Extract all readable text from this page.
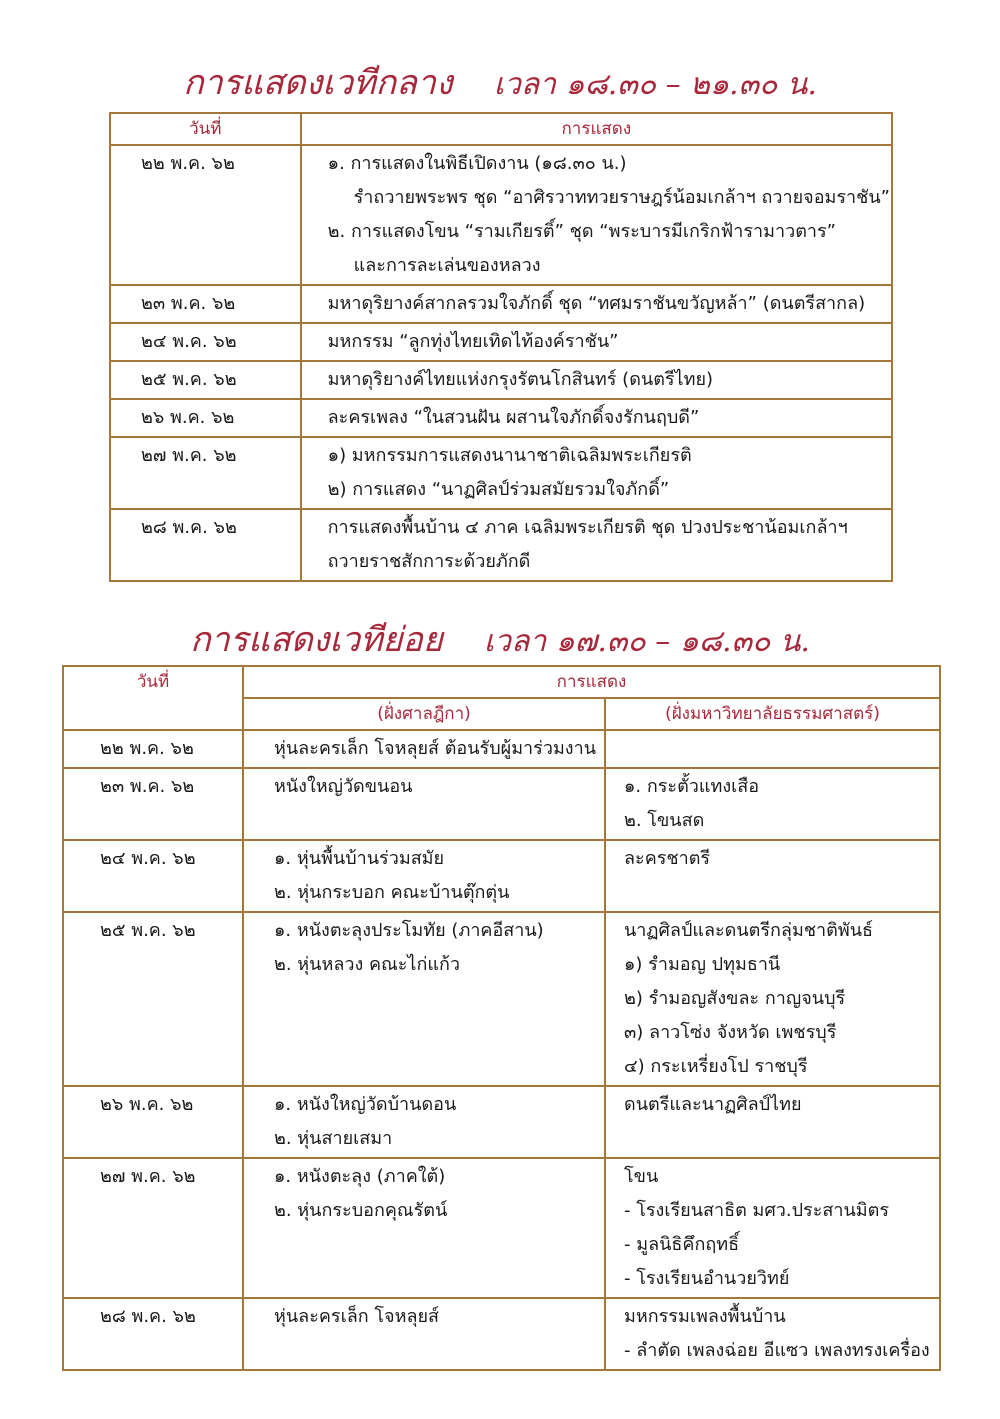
การแสดงเวทีกลาง เวลา ๑๘.๓๐ – ๒๑.๓๐ น.
วันที่	การแสดง
๒๒ พ.ค. ๖๒	๑. การแสดงในพิธีเปิดงาน (๑๘.๓๐ น.)
รำถวายพระพร ชุด “อาศิรวาททวยราษฎร์น้อมเกล้าฯ ถวายจอมราชัน”
๒. การแสดงโขน “รามเกียรติ์” ชุด “พระบารมีเกริกฟ้ารามาวตาร”
และการละเล่นของหลวง

๒๓ พ.ค. ๖๒	มหาดุริยางค์สากลรวมใจภักดิ์ ชุด “ทศมราชันขวัญหล้า” (ดนตรีสากล)

๒๔ พ.ค. ๖๒	มหกรรม “ลูกทุ่งไทยเทิดไท้องค์ราชัน”

๒๕ พ.ค. ๖๒	มหาดุริยางค์ไทยแห่งกรุงรัตนโกสินทร์ (ดนตรีไทย)

๒๖ พ.ค. ๖๒	ละครเพลง “ในสวนฝัน ผสานใจภักดิ์จงรักนฤบดี”

๒๗ พ.ค. ๖๒	๑) มหกรรมการแสดงนานาชาติเฉลิมพระเกียรติ
๒) การแสดง “นาฏศิลป์ร่วมสมัยรวมใจภักดิ์”

๒๘ พ.ค. ๖๒	การแสดงพื้นบ้าน ๔ ภาค เฉลิมพระเกียรติ ชุด ปวงประชาน้อมเกล้าฯ
ถวายราชสักการะด้วยภักดี
การแสดงเวทีย่อย เวลา ๑๗.๓๐ – ๑๘.๓๐ น.
วันที่	การแสดง	
	(ฝั่งศาลฎีกา)	(ฝั่งมหาวิทยาลัยธรรมศาสตร์)
๒๒ พ.ค. ๖๒	หุ่นละครเล็ก โจหลุยส์ ต้อนรับผู้มาร่วมงาน	

๒๓ พ.ค. ๖๒	หนังใหญ่วัดขนอน	๑. กระตั้วแทงเสือ
๒. โขนสด

๒๔ พ.ค. ๖๒	๑. หุ่นพื้นบ้านร่วมสมัย
๒. หุ่นกระบอก คณะบ้านตุ๊กตุ่น	ละครชาตรี

๒๕ พ.ค. ๖๒	๑. หนังตะลุงประโมทัย (ภาคอีสาน)
๒. หุ่นหลวง คณะไก่แก้ว	นาฏศิลป์และดนตรีกลุ่มชาติพันธ์
๑) รำมอญ ปทุมธานี
๒) รำมอญสังขละ กาญจนบุรี
๓) ลาวโซ่ง จังหวัด เพชรบุรี
๔) กระเหรี่ยงโป ราชบุรี

๒๖ พ.ค. ๖๒	๑. หนังใหญ่วัดบ้านดอน
๒. หุ่นสายเสมา	ดนตรีและนาฏศิลป์ไทย

๒๗ พ.ค. ๖๒	๑. หนังตะลุง (ภาคใต้)
๒. หุ่นกระบอกคุณรัตน์	โขน
- โรงเรียนสาธิต มศว.ประสานมิตร
- มูลนิธิคึกฤทธิ์
- โรงเรียนอำนวยวิทย์

๒๘ พ.ค. ๖๒	หุ่นละครเล็ก โจหลุยส์	มหกรรมเพลงพื้นบ้าน
- ลำตัด เพลงฉ่อย อีแซว เพลงทรงเครื่อง
